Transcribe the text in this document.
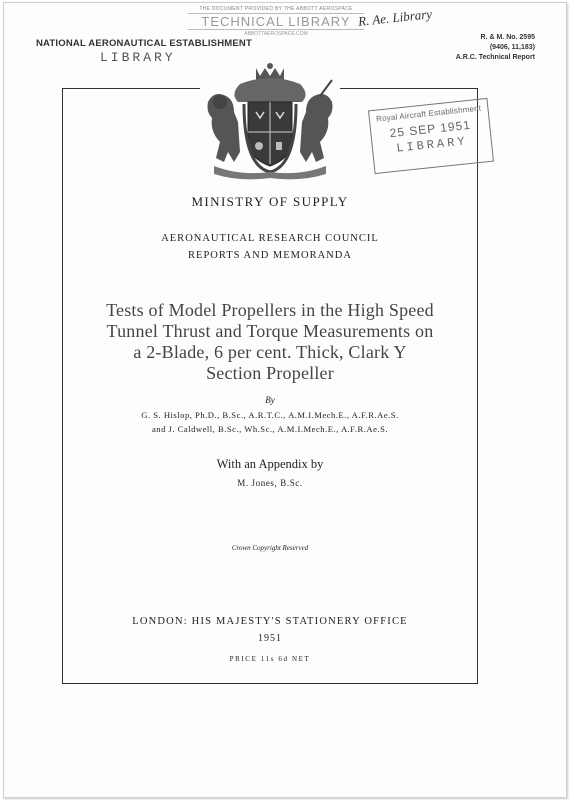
THE DOCUMENT PROVIDED BY THE ABBOTT AEROSPACE
TECHNICAL LIBRARY
ABBOTTAEROSPACE.COM
R. Ae. Library
NATIONAL AERONAUTICAL ESTABLISHMENT
LIBRARY
R. & M. No. 2595
(9406, 11,183)
A.R.C. Technical Report
Royal Aircraft Establishment
25 SEP 1951
LIBRARY
MINISTRY OF SUPPLY
AERONAUTICAL RESEARCH COUNCIL
REPORTS AND MEMORANDA
Tests of Model Propellers in the High Speed
Tunnel Thrust and Torque Measurements on
a 2-Blade, 6 per cent. Thick, Clark Y
Section Propeller
By
G. S. Hislop, Ph.D., B.Sc., A.R.T.C., A.M.I.Mech.E., A.F.R.Ae.S.
and J. Caldwell, B.Sc., Wh.Sc., A.M.I.Mech.E., A.F.R.Ae.S.
With an Appendix by
M. Jones, B.Sc.
Crown Copyright Reserved
LONDON: HIS MAJESTY'S STATIONERY OFFICE
1951
PRICE 11s 6d NET
